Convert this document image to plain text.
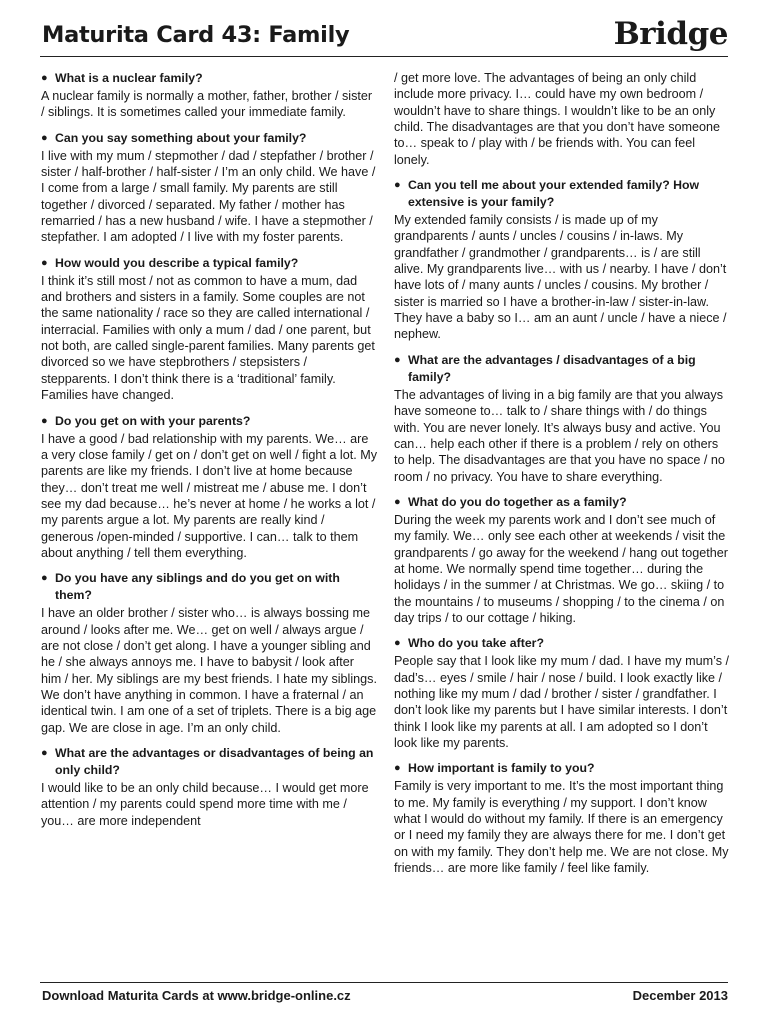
Maturita Card 43: Family	Bridge
● What is a nuclear family?
A nuclear family is normally a mother, father, brother / sister / siblings. It is sometimes called your immediate family.
● Can you say something about your family?
I live with my mum / stepmother / dad / stepfather / brother / sister / half-brother / half-sister / I’m an only child. We have / I come from a large / small family. My parents are still together / divorced / separated. My father / mother has remarried / has a new husband / wife. I have a stepmother / stepfather. I am adopted / I live with my foster parents.
● How would you describe a typical family?
I think it’s still most / not as common to have a mum, dad and brothers and sisters in a family. Some couples are not the same nationality / race so they are called international / interracial. Families with only a mum / dad / one parent, but not both, are called single-parent families. Many parents get divorced so we have stepbrothers / stepsisters / stepparents. I don’t think there is a ‘traditional’ family. Families have changed.
● Do you get on with your parents?
I have a good / bad relationship with my parents. We… are a very close family / get on / don’t get on well / fight a lot. My parents are like my friends. I don’t live at home because they… don’t treat me well / mistreat me / abuse me. I don’t see my dad because… he’s never at home / he works a lot / my parents argue a lot. My parents are really kind / generous /open-minded / supportive. I can… talk to them about anything / tell them everything.
● Do you have any siblings and do you get on with them?
I have an older brother / sister who… is always bossing me around / looks after me. We… get on well / always argue / are not close / don’t get along. I have a younger sibling and he / she always annoys me. I have to babysit / look after him / her. My siblings are my best friends. I hate my siblings. We don’t have anything in common. I have a fraternal / an identical twin. I am one of a set of triplets. There is a big age gap. We are close in age. I’m an only child.
● What are the advantages or disadvantages of being an only child?
I would like to be an only child because… I would get more attention / my parents could spend more time with me / you… are more independent
/ get more love. The advantages of being an only child include more privacy. I… could have my own bedroom / wouldn’t have to share things. I wouldn’t like to be an only child. The disadvantages are that you don’t have someone to… speak to / play with / be friends with. You can feel lonely.
● Can you tell me about your extended family? How extensive is your family?
My extended family consists / is made up of my grandparents / aunts / uncles / cousins / in-laws. My grandfather / grandmother / grandparents… is / are still alive. My grandparents live… with us / nearby. I have / don’t have lots of / many aunts / uncles / cousins. My brother / sister is married so I have a brother-in-law / sister-in-law. They have a baby so I… am an aunt / uncle / have a niece / nephew.
● What are the advantages / disadvantages of a big family?
The advantages of living in a big family are that you always have someone to… talk to / share things with / do things with. You are never lonely. It’s always busy and active. You can… help each other if there is a problem / rely on others to help. The disadvantages are that you have no space / no room / no privacy. You have to share everything.
● What do you do together as a family?
During the week my parents work and I don’t see much of my family. We… only see each other at weekends / visit the grandparents / go away for the weekend / hang out together at home. We normally spend time together… during the holidays / in the summer / at Christmas. We go… skiing / to the mountains / to museums / shopping / to the cinema / on day trips / to our cottage / hiking.
● Who do you take after?
People say that I look like my mum / dad. I have my mum’s / dad’s… eyes / smile / hair / nose / build. I look exactly like / nothing like my mum / dad / brother / sister / grandfather. I don’t look like my parents but I have similar interests. I don’t think I look like my parents at all. I am adopted so I don’t look like my parents.
● How important is family to you?
Family is very important to me. It’s the most important thing to me. My family is everything / my support. I don’t know what I would do without my family. If there is an emergency or I need my family they are always there for me. I don’t get on with my family. They don’t help me. We are not close. My friends… are more like family / feel like family.
Download Maturita Cards at www.bridge-online.cz	December 2013
